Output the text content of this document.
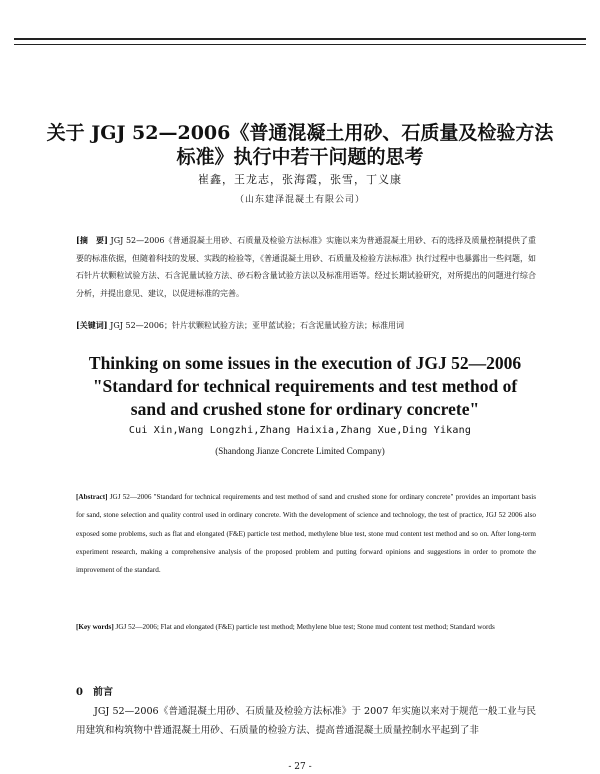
关于 JGJ 52—2006《普通混凝土用砂、石质量及检验方法
标准》执行中若干问题的思考
崔鑫，王龙志，张海霞，张雪，丁义康
（山东建泽混凝土有限公司）
[摘　要] JGJ 52—2006《普通混凝土用砂、石质量及检验方法标准》实施以来为普通混凝土用砂、石的选择及质量控制提供了重要的标准依据，但随着科技的发展、实践的检验等，《普通混凝土用砂、石质量及检验方法标准》执行过程中也暴露出一些问题，如石针片状颗粒试验方法、石含泥量试验方法、砂石粉含量试验方法以及标准用语等。经过长期试验研究，对所提出的问题进行综合分析，并提出意见、建议，以促进标准的完善。
[关键词] JGJ 52—2006；针片状颗粒试验方法；亚甲蓝试验；石含泥量试验方法；标准用词
Thinking on some issues in the execution of JGJ 52—2006
"Standard for technical requirements and test method of
sand and crushed stone for ordinary concrete"
Cui Xin,Wang Longzhi,Zhang Haixia,Zhang Xue,Ding Yikang
(Shandong Jianze Concrete Limited Company)
[Abstract] JGJ 52—2006 "Standard for technical requirements and test method of sand and crushed stone for ordinary concrete" provides an important basis for sand, stone selection and quality control used in ordinary concrete. With the development of science and technology, the test of practice, JGJ 52 2006 also exposed some problems, such as flat and elongated (F&E) particle test method, methylene blue test, stone mud content test method and so on. After long-term experiment research, making a comprehensive analysis of the proposed problem and putting forward opinions and suggestions in order to promote the improvement of the standard.
[Key words] JGJ 52—2006; Flat and elongated (F&E) particle test method; Methylene blue test; Stone mud content test method; Standard words
0　前言
JGJ 52—2006《普通混凝土用砂、石质量及检验方法标准》于 2007 年实施以来对于规范一般工业与民用建筑和构筑物中普通混凝土用砂、石质量的检验方法、提高普通混凝土质量控制水平起到了非
- 27 -
